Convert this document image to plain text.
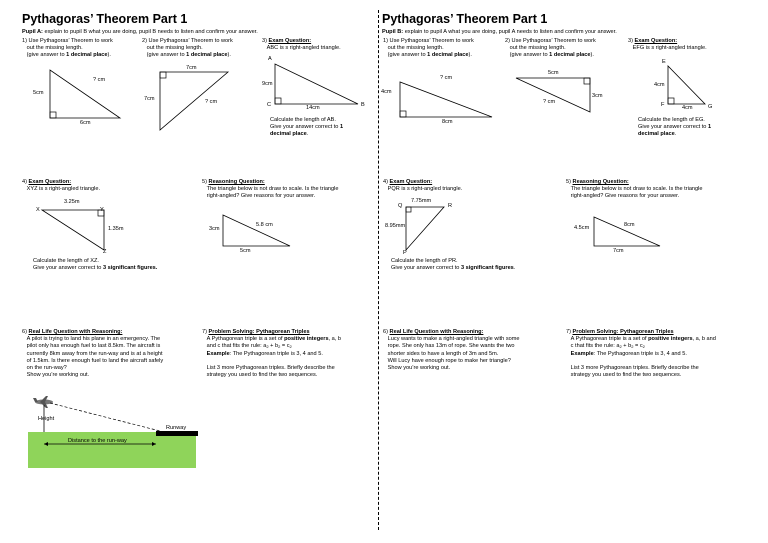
Pythagoras’ Theorem Part 1
Pupil A: explain to pupil B what you are doing, pupil B needs to listen and confirm your answer.
1) Use Pythagoras’ Theorem to work
out the missing length.
(give answer to 1 decimal place).
5cm
6cm
? cm
2) Use Pythagoras’ Theorem to work
out the missing length.
(give answer to 1 decimal place).
7cm
7cm	? cm
3) Exam Question:
ABC is s right-angled triangle.
A
B
C
9cm
14cm
Calculate the length of AB.
Give your answer correct to 1
decimal place.
4) Exam Question:
XYZ is s right-angled triangle.
X	Y
Z
3.25m
1.35m
Calculate the length of XZ.
Give your answer correct to 3 significant figures.
5) Reasoning Question:
The triangle below is not draw to scale. Is the triangle
right-angled? Give reasons for your answer.
3cm
5.8 cm
5cm
6) Real Life Question with Reasoning:
A pilot is trying to land his plane in an emergency. The
pilot only has enough fuel to last 8.5km. The aircraft is
currently 8km away from the run-way and is at a height
of 1.5km. Is there enough fuel to land the aircraft safely
on the run-way?
Show you’re working out.
Height
Distance to the run-way
Runway
7) Problem Solving: Pythagorean Triples
A Pythagorean triple is a set of positive integers, a, b
and c that fits the rule: $a^2 + b^2 = c^2$
Example: The Pythagorean triple is 3, 4 and 5.

List 3 more Pythagorean triples. Briefly describe the
strategy you used to find the two sequences.
Pythagoras’ Theorem Part 1
Pupil B: explain to pupil A what you are doing, pupil A needs to listen and confirm your answer.
1) Use Pythagoras’ Theorem to work
out the missing length.
(give answer to 1 decimal place).
4cm
8cm
? cm
2) Use Pythagoras’ Theorem to work
out the missing length.
(give answer to 1 decimal place).
5cm
3cm
? cm
3) Exam Question:
EFG is s right-angled triangle.
E
F	G
4cm
4cm
Calculate the length of EG.
Give your answer correct to 1
decimal place.
4) Exam Question:
PQR is s right-angled triangle.
Q	R
P
7.75mm
8.95mm
Calculate the length of PR.
Give your answer correct to 3 significant figures.
5) Reasoning Question:
The triangle below is not draw to scale. Is the triangle
right-angled? Give reasons for your answer.
4.5cm	8cm
7cm
6) Real Life Question with Reasoning:
Lucy wants to make a right-angled triangle with some
rope. She only has 13m of rope. She wants the two
shorter sides to have a length of 3m and 5m.
Will Lucy have enough rope to make her triangle?
Show you’re working out.
7) Problem Solving: Pythagorean Triples
A Pythagorean triple is a set of positive integers, a, b and
c that fits the rule: $a^2 + b^2 = c^2$
Example: The Pythagorean triple is 3, 4 and 5.

List 3 more Pythagorean triples. Briefly describe the
strategy you used to find the two sequences.
